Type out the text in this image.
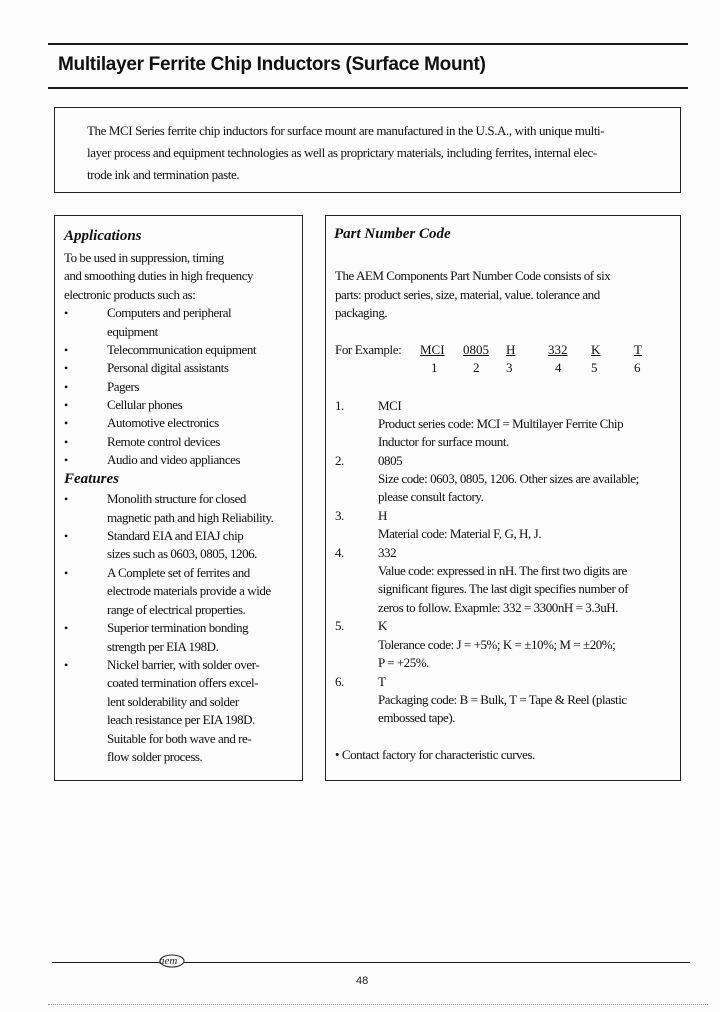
Multilayer Ferrite Chip Inductors (Surface Mount)
The MCI Series ferrite chip inductors for surface mount are manufactured in the U.S.A., with unique multi-
layer process and equipment technologies as well as proprictary materials, including ferrites, internal elec-
trode ink and termination paste.
Applications
To be used in suppression, timing
and smoothing duties in high frequency
electronic products such as:
•	Computers and peripheral
equipment
•	Telecommunication equipment
•	Personal digital assistants
•	Pagers
•	Cellular phones
•	Automotive electronics
•	Remote control devices
•	Audio and video appliances
Features
•	Monolith structure for closed
magnetic path and high Reliability.
•	Standard EIA and EIAJ chip
sizes such as 0603, 0805, 1206.
•	A Complete set of ferrites and
electrode materials provide a wide
range of electrical properties.
•	Superior termination bonding
strength per EIA 198D.
•	Nickel barrier, with solder over-
coated termination offers excel-
lent solderability and solder
leach resistance per EIA 198D.
Suitable for both wave and re-
flow solder process.
Part Number Code
The AEM Components Part Number Code consists of six
parts: product series, size, material, value. tolerance and
packaging.
For Example: MCI 0805 H	332 K	T
1	2 3	4 5	6
1.	MCI
Product series code: MCI = Multilayer Ferrite Chip
Inductor for surface mount.
2.	0805
Size code: 0603, 0805, 1206. Other sizes are available;
please consult factory.
3.	H
Material code: Material F, G, H, J.
4.	332
Value code: expressed in nH. The first two digits are
significant figures. The last digit specifies number of
zeros to follow. Exapmle: 332 = 3300nH = 3.3uH.
5.	K
Tolerance code: J = +5%; K = ±10%; M = ±20%;
P = +25%.
6.	T
Packaging code: B = Bulk, T = Tape & Reel (plastic
embossed tape).
• Contact factory for characteristic curves.
aem
48
